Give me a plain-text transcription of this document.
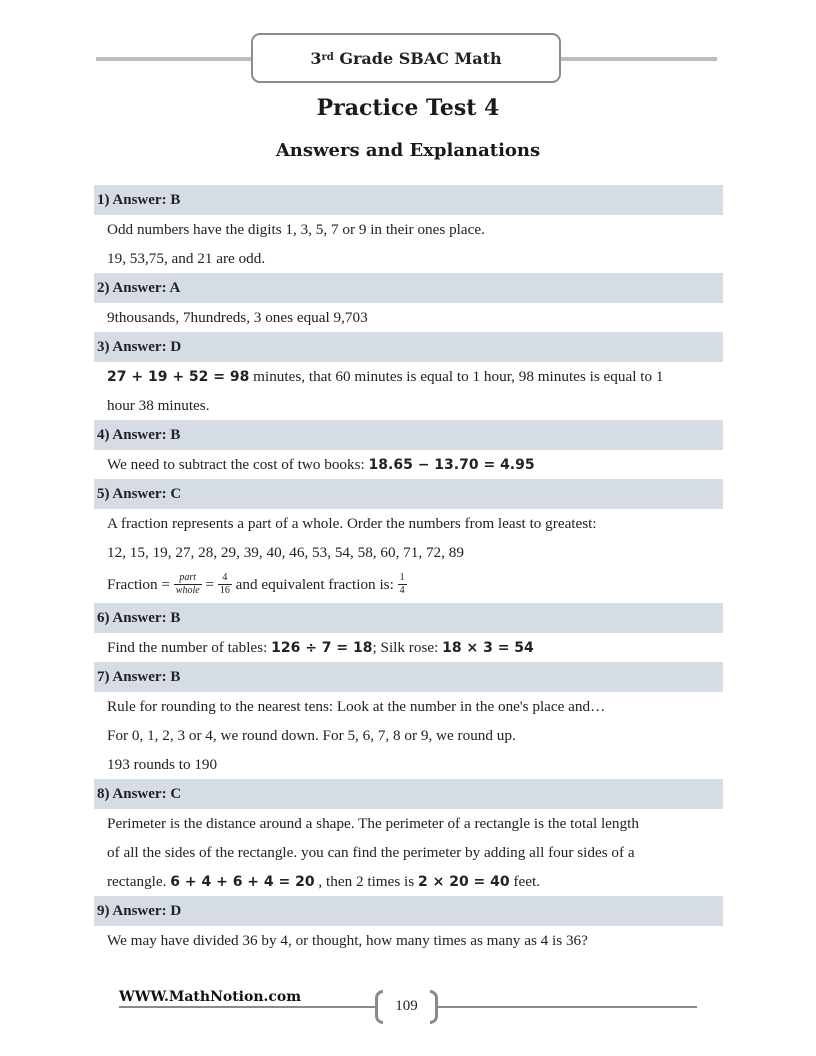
3rd Grade SBAC Math
Practice Test 4
Answers and Explanations
1) Answer: B
Odd numbers have the digits 1, 3, 5, 7 or 9 in their ones place.
19, 53,75, and 21 are odd.
2) Answer: A
9thousands, 7hundreds, 3 ones equal 9,703
3) Answer: D
27 + 19 + 52 = 98 minutes, that 60 minutes is equal to 1 hour, 98 minutes is equal to 1
hour 38 minutes.
4) Answer: B
We need to subtract the cost of two books: 18.65 − 13.70 = 4.95
5) Answer: C
A fraction represents a part of a whole. Order the numbers from least to greatest:
12, 15, 19, 27, 28, 29, 39, 40, 46, 53, 54, 58, 60, 71, 72, 89
Fraction = $\frac{\text{part}}{\text{whole}} = \frac{4}{16}$ and equivalent fraction is: $\frac{1}{4}$
6) Answer: B
Find the number of tables: 126 ÷ 7 = 18; Silk rose: 18 × 3 = 54
7) Answer: B
Rule for rounding to the nearest tens: Look at the number in the one's place and…
For 0, 1, 2, 3 or 4, we round down. For 5, 6, 7, 8 or 9, we round up.
193 rounds to 190
8) Answer: C
Perimeter is the distance around a shape. The perimeter of a rectangle is the total length
of all the sides of the rectangle. you can find the perimeter by adding all four sides of a
rectangle. 6 + 4 + 6 + 4 = 20 , then 2 times is 2 × 20 = 40 feet.
9) Answer: D
We may have divided 36 by 4, or thought, how many times as many as 4 is 36?
WWW.MathNotion.com
109
